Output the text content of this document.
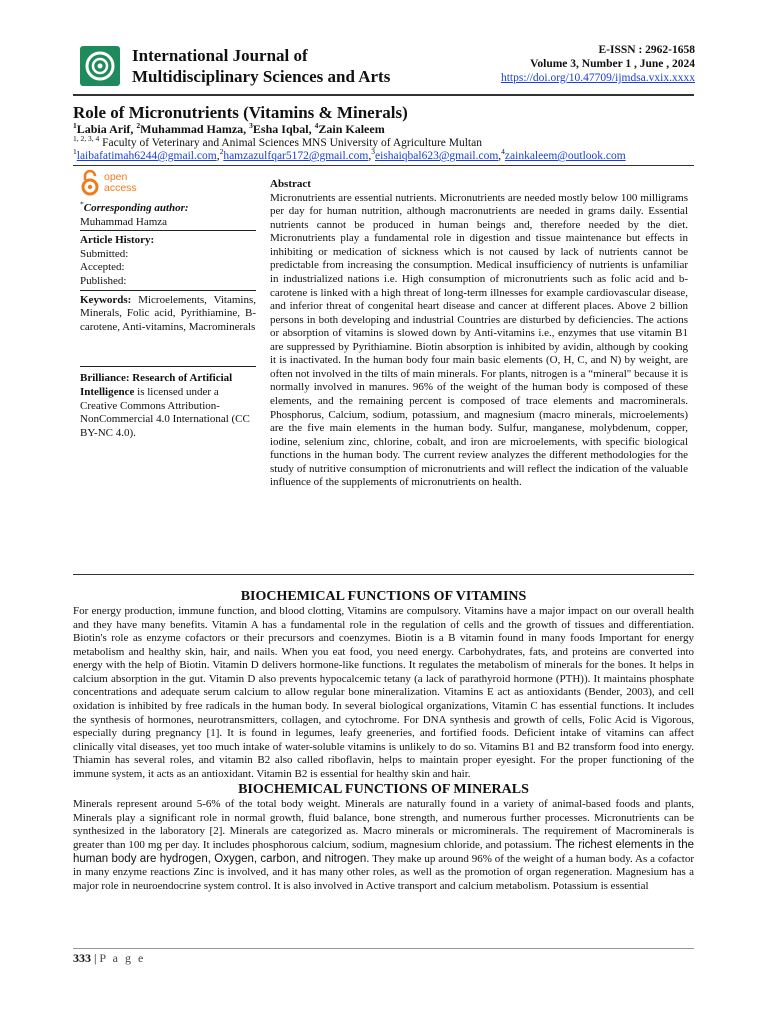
International Journal of
Multidisciplinary Sciences and Arts
E-ISSN : 2962-1658
Volume 3, Number 1 , June , 2024
https://doi.org/10.47709/ijmdsa.vxix.xxxx
Role of Micronutrients (Vitamins & Minerals)
$^1$Labia Arif, $^2$Muhammad Hamza, $^3$Esha Iqbal, $^4$Zain Kaleem
$^{1, 2, 3, 4}$ Faculty of Veterinary and Animal Sciences MNS University of Agriculture Multan
$^1$laibafatimah6244@gmail.com,$^2$hamzazulfqar5172@gmail.com,$^3$eishaiqbal623@gmail.com,$^4$zainkaleem@outlook.com
open
access
*Corresponding author:
Muhammad Hamza
Article History:
Submitted:
Accepted:
Published:
Keywords: Microelements, Vitamins, Minerals, Folic acid, Pyrithiamine, B-carotene, Anti-vitamins, Macrominerals
Brilliance: Research of Artificial Intelligence is licensed under a Creative Commons Attribution-NonCommercial 4.0 International (CC BY-NC 4.0).
Abstract
Micronutrients are essential nutrients. Micronutrients are needed mostly below 100 milligrams per day for human nutrition, although macronutrients are needed in grams daily. Essential nutrients cannot be produced in human beings and, therefore needed by the diet. Micronutrients play a fundamental role in digestion and tissue maintenance but effects in inhibiting or medication of sickness which is not caused by lack of nutrients cannot be predictable from increasing the consumption. Medical insufficiency of nutrients is unfamiliar in industrialized nations i.e. High consumption of micronutrients such as folic acid and b-carotene is linked with a high threat of long-term illnesses for example cardiovascular disease, and inferior threat of congenital heart disease and cancer at different places. Above 2 billion persons in both developing and industrial Countries are disturbed by deficiencies. The actions or absorption of vitamins is slowed down by Anti-vitamins i.e., enzymes that use vitamin B1 are suppressed by Pyrithiamine. Biotin absorption is inhibited by avidin, although by cooking it is inactivated. In the human body four main basic elements (O, H, C, and N) by weight, are often not involved in the tilts of main minerals. For plants, nitrogen is a “mineral" because it is normally involved in manures. 96% of the weight of the human body is composed of these elements, and the remaining percent is composed of trace elements and macrominerals. Phosphorus, Calcium, sodium, potassium, and magnesium (macro minerals, microelements) are the five main elements in the human body. Sulfur, manganese, molybdenum, copper, iodine, selenium zinc, chlorine, cobalt, and iron are microelements, with specific biological functions in the human body. The current review analyzes the different methodologies for the study of nutritive consumption of micronutrients and will reflect the indication of the valuable influence of the supplements of micronutrients on health.
BIOCHEMICAL FUNCTIONS OF VITAMINS

For energy production, immune function, and blood clotting, Vitamins are compulsory. Vitamins have a major impact on our overall health and they have many benefits. Vitamin A has a fundamental role in the regulation of cells and the growth of tissues and differentiation. Biotin's role as enzyme cofactors or their precursors and coenzymes. Biotin is a B vitamin found in many foods Important for energy metabolism and healthy skin, hair, and nails. When you eat food, you need energy. Carbohydrates, fats, and proteins are converted into energy with the help of Biotin. Vitamin D delivers hormone-like functions. It regulates the metabolism of minerals for the bones. It helps in calcium absorption in the gut. Vitamin D also prevents hypocalcemic tetany (a lack of parathyroid hormone (PTH)). It maintains phosphate concentrations and adequate serum calcium to allow regular bone mineralization. Vitamins E act as antioxidants (Bender, 2003), and cell oxidation is inhibited by free radicals in the human body. In several biological organizations, Vitamin C has essential functions. It includes the synthesis of hormones, neurotransmitters, collagen, and cytochrome. For DNA synthesis and growth of cells, Folic Acid is Vigorous, especially during pregnancy [1]. It is found in legumes, leafy greeneries, and fortified foods. Deficient intake of vitamins can affect clinically vital diseases, yet too much intake of water-soluble vitamins is unlikely to do so. Vitamins B1 and B2 transform food into energy. Thiamin has several roles, and vitamin B2 also called riboflavin, helps to maintain proper eyesight. For the proper functioning of the immune system, it acts as an antioxidant. Vitamin B2 is essential for healthy skin and hair.

BIOCHEMICAL FUNCTIONS OF MINERALS

Minerals represent around 5-6% of the total body weight. Minerals are naturally found in a variety of animal-based foods and plants, Minerals play a significant role in normal growth, fluid balance, bone strength, and numerous further processes. Micronutrients can be synthesized in the laboratory [2]. Minerals are categorized as. Macro minerals or microminerals. The requirement of Macrominerals is greater than 100 mg per day. It includes phosphorous calcium, sodium, magnesium chloride, and potassium. The richest elements in the human body are hydrogen, Oxygen, carbon, and nitrogen. They make up around 96% of the weight of a human body. As a cofactor in many enzyme reactions Zinc is involved, and it has many other roles, as well as the promotion of organ regeneration. Magnesium has a major role in neuroendocrine system control. It is also involved in Active transport and calcium metabolism. Potassium is essential

333 | P a g e
